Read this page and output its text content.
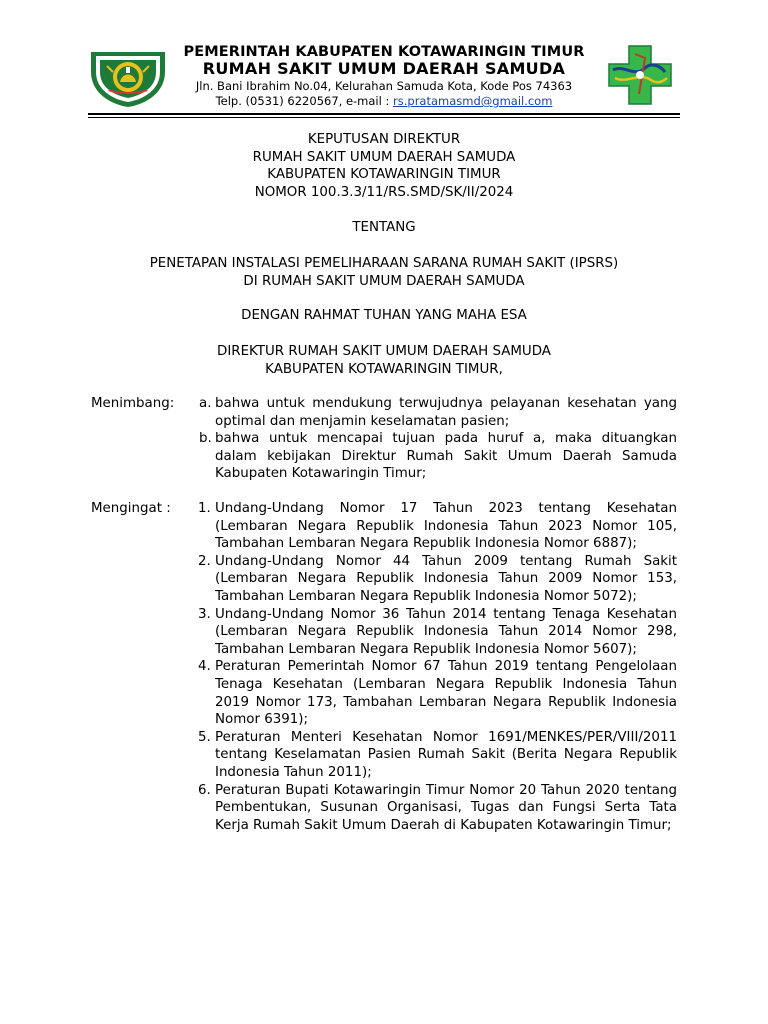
PEMERINTAH KABUPATEN KOTAWARINGIN TIMUR
RUMAH SAKIT UMUM DAERAH SAMUDA
Jln. Bani Ibrahim No.04, Kelurahan Samuda Kota, Kode Pos 74363
Telp. (0531) 6220567, e-mail : rs.pratamasmd@gmail.com
KEPUTUSAN DIREKTUR
RUMAH SAKIT UMUM DAERAH SAMUDA
KABUPATEN KOTAWARINGIN TIMUR
NOMOR 100.3.3/11/RS.SMD/SK/II/2024
TENTANG
PENETAPAN INSTALASI PEMELIHARAAN SARANA RUMAH SAKIT (IPSRS)
DI RUMAH SAKIT UMUM DAERAH SAMUDA
DENGAN RAHMAT TUHAN YANG MAHA ESA
DIREKTUR RUMAH SAKIT UMUM DAERAH SAMUDA
KABUPATEN KOTAWARINGIN TIMUR,
Menimbang: a. bahwa untuk mendukung terwujudnya pelayanan kesehatan yang optimal dan menjamin keselamatan pasien;
b. bahwa untuk mencapai tujuan pada huruf a, maka dituangkan dalam kebijakan Direktur Rumah Sakit Umum Daerah Samuda Kabupaten Kotawaringin Timur;
Mengingat : 1. Undang-Undang Nomor 17 Tahun 2023 tentang Kesehatan (Lembaran Negara Republik Indonesia Tahun 2023 Nomor 105, Tambahan Lembaran Negara Republik Indonesia Nomor 6887);
2. Undang-Undang Nomor 44 Tahun 2009 tentang Rumah Sakit (Lembaran Negara Republik Indonesia Tahun 2009 Nomor 153, Tambahan Lembaran Negara Republik Indonesia Nomor 5072);
3. Undang-Undang Nomor 36 Tahun 2014 tentang Tenaga Kesehatan (Lembaran Negara Republik Indonesia Tahun 2014 Nomor 298, Tambahan Lembaran Negara Republik Indonesia Nomor 5607);
4. Peraturan Pemerintah Nomor 67 Tahun 2019 tentang Pengelolaan Tenaga Kesehatan (Lembaran Negara Republik Indonesia Tahun 2019 Nomor 173, Tambahan Lembaran Negara Republik Indonesia Nomor 6391);
5. Peraturan Menteri Kesehatan Nomor 1691/MENKES/PER/VIII/2011 tentang Keselamatan Pasien Rumah Sakit (Berita Negara Republik Indonesia Tahun 2011);
6. Peraturan Bupati Kotawaringin Timur Nomor 20 Tahun 2020 tentang Pembentukan, Susunan Organisasi, Tugas dan Fungsi Serta Tata Kerja Rumah Sakit Umum Daerah di Kabupaten Kotawaringin Timur;
